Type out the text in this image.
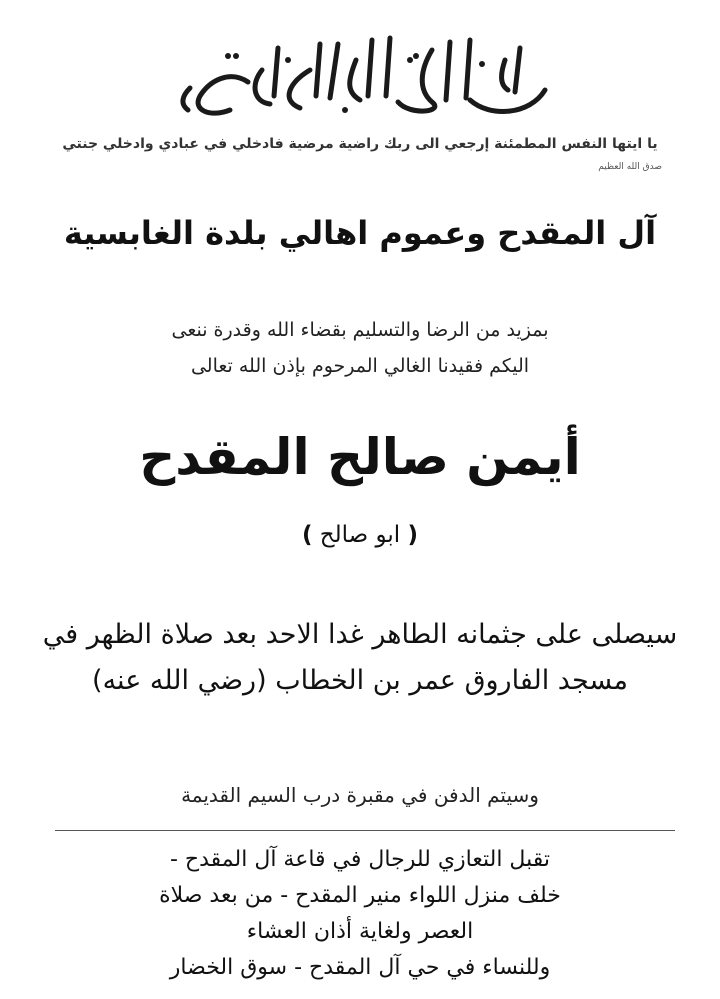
يا ايتها النفس المطمئنة إرجعي الى ربك راضية مرضية فادخلي في عبادي وادخلي جنتي
صدق الله العظيم
آل المقدح وعموم اهالي بلدة الغابسية
بمزيد من الرضا والتسليم بقضاء الله وقدرة ننعى
اليكم فقيدنا الغالي المرحوم بإذن الله تعالى
أيمن صالح المقدح
( ابو صالح )
سيصلى على جثمانه الطاهر غدا الاحد بعد صلاة الظهر في
مسجد الفاروق عمر بن الخطاب (رضي الله عنه)
وسيتم الدفن في مقبرة درب السيم القديمة
تقبل التعازي للرجال في قاعة آل المقدح -
خلف منزل اللواء منير المقدح - من بعد صلاة
العصر ولغاية أذان العشاء
وللنساء في حي آل المقدح - سوق الخضار
